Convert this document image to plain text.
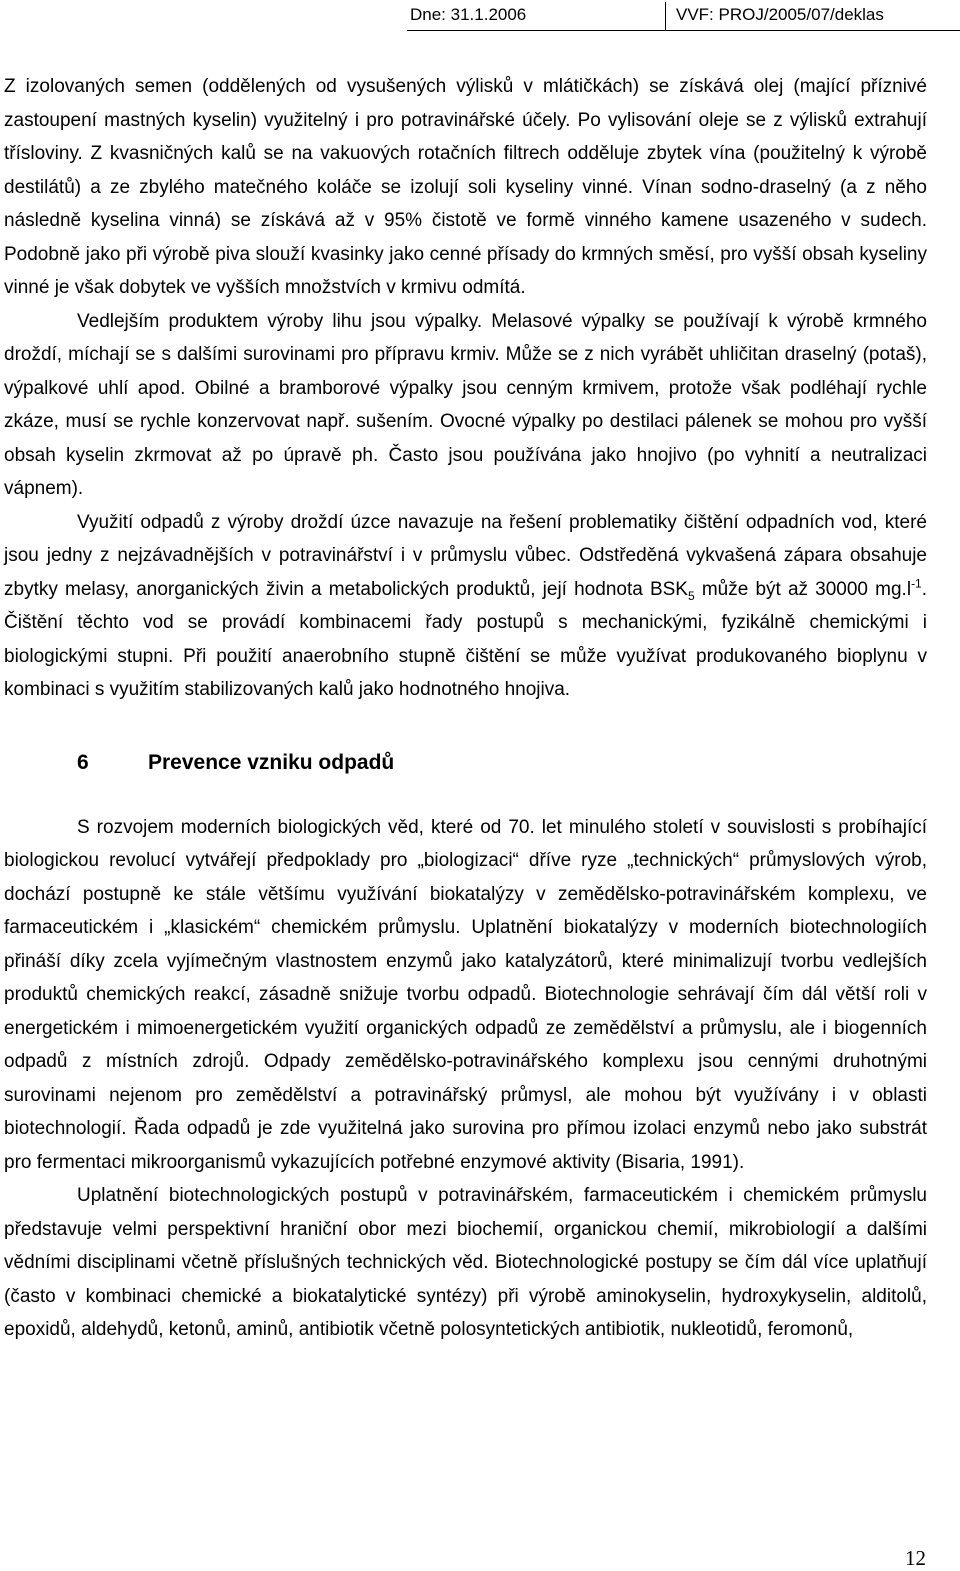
Dne: 31.1.2006	VVF: PROJ/2005/07/deklas

Z izolovaných semen (oddělených od vysušených výlisků v mlátičkách) se získává olej (mající příznivé zastoupení mastných kyselin) využitelný i pro potravinářské účely. Po vylisování oleje se z výlisků extrahují třísloviny. Z kvasničných kalů se na vakuových rotačních filtrech odděluje zbytek vína (použitelný k výrobě destilátů) a ze zbylého matečného koláče se izolují soli kyseliny vinné. Vínan sodno-draselný (a z něho následně kyselina vinná) se získává až v 95% čistotě ve formě vinného kamene usazeného v sudech. Podobně jako při výrobě piva slouží kvasinky jako cenné přísady do krmných směsí, pro vyšší obsah kyseliny vinné je však dobytek ve vyšších množstvích v krmivu odmítá.

Vedlejším produktem výroby lihu jsou výpalky. Melasové výpalky se používají k výrobě krmného droždí, míchají se s dalšími surovinami pro přípravu krmiv. Může se z nich vyrábět uhličitan draselný (potaš), výpalkové uhlí apod. Obilné a bramborové výpalky jsou cenným krmivem, protože však podléhají rychle zkáze, musí se rychle konzervovat např. sušením. Ovocné výpalky po destilaci pálenek se mohou pro vyšší obsah kyselin zkrmovat až po úpravě ph. Často jsou používána jako hnojivo (po vyhnití a neutralizaci vápnem).

Využití odpadů z výroby droždí úzce navazuje na řešení problematiky čištění odpadních vod, které jsou jedny z nejzávadnějších v potravinářství i v průmyslu vůbec. Odstředěná vykvašená zápara obsahuje zbytky melasy, anorganických živin a metabolických produktů, její hodnota $BSK_5$ může být až 30000 $mg.l^{-1}$. Čištění těchto vod se provádí kombinacemi řady postupů s mechanickými, fyzikálně chemickými i biologickými stupni. Při použití anaerobního stupně čištění se může využívat produkovaného bioplynu v kombinaci s využitím stabilizovaných kalů jako hodnotného hnojiva.

6	Prevence vzniku odpadů

S rozvojem moderních biologických věd, které od 70. let minulého století v souvislosti s probíhající biologickou revolucí vytvářejí předpoklady pro „biologizaci“ dříve ryze „technických“ průmyslových výrob, dochází postupně ke stále většímu využívání biokatalýzy v zemědělsko-potravinářském komplexu, ve farmaceutickém i „klasickém“ chemickém průmyslu. Uplatnění biokatalýzy v moderních biotechnologiích přináší díky zcela vyjímečným vlastnostem enzymů jako katalyzátorů, které minimalizují tvorbu vedlejších produktů chemických reakcí, zásadně snižuje tvorbu odpadů. Biotechnologie sehrávají čím dál větší roli v energetickém i mimoenergetickém využití organických odpadů ze zemědělství a průmyslu, ale i biogenních odpadů z místních zdrojů. Odpady zemědělsko-potravinářského komplexu jsou cennými druhotnými surovinami nejenom pro zemědělství a potravinářský průmysl, ale mohou být využívány i v oblasti biotechnologií. Řada odpadů je zde využitelná jako surovina pro přímou izolaci enzymů nebo jako substrát pro fermentaci mikroorganismů vykazujících potřebné enzymové aktivity (Bisaria, 1991).

Uplatnění biotechnologických postupů v potravinářském, farmaceutickém i chemickém průmyslu představuje velmi perspektivní hraniční obor mezi biochemií, organickou chemií, mikrobiologií a dalšími vědními disciplinami včetně příslušných technických věd. Biotechnologické postupy se čím dál více uplatňují (často v kombinaci chemické a biokatalytické syntézy) při výrobě aminokyselin, hydroxykyselin, alditolů, epoxidů, aldehydů, ketonů, aminů, antibiotik včetně polosyntetických antibiotik, nukleotidů, feromonů,

12
